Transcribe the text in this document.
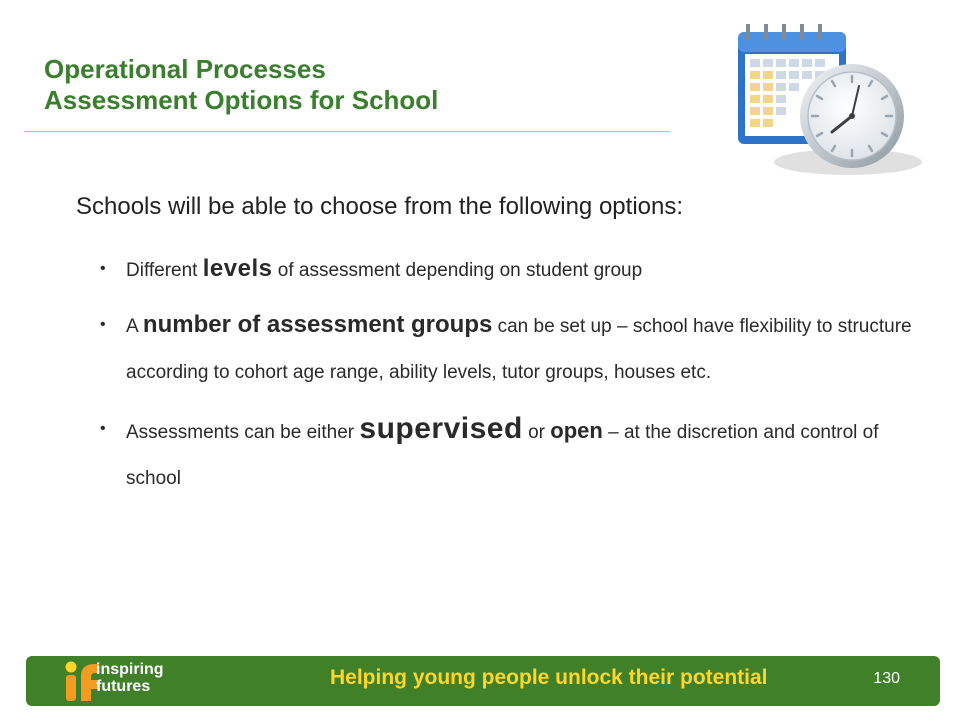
Operational Processes
Assessment Options for School
Schools will be able to choose from the following options:
• Different levels of assessment depending on student group
• A number of assessment groups can be set up – school have flexibility to structure according to cohort age range, ability levels, tutor groups, houses etc.
• Assessments can be either supervised or open – at the discretion and control of school
inspiring
futures	Helping young people unlock their potential	130
